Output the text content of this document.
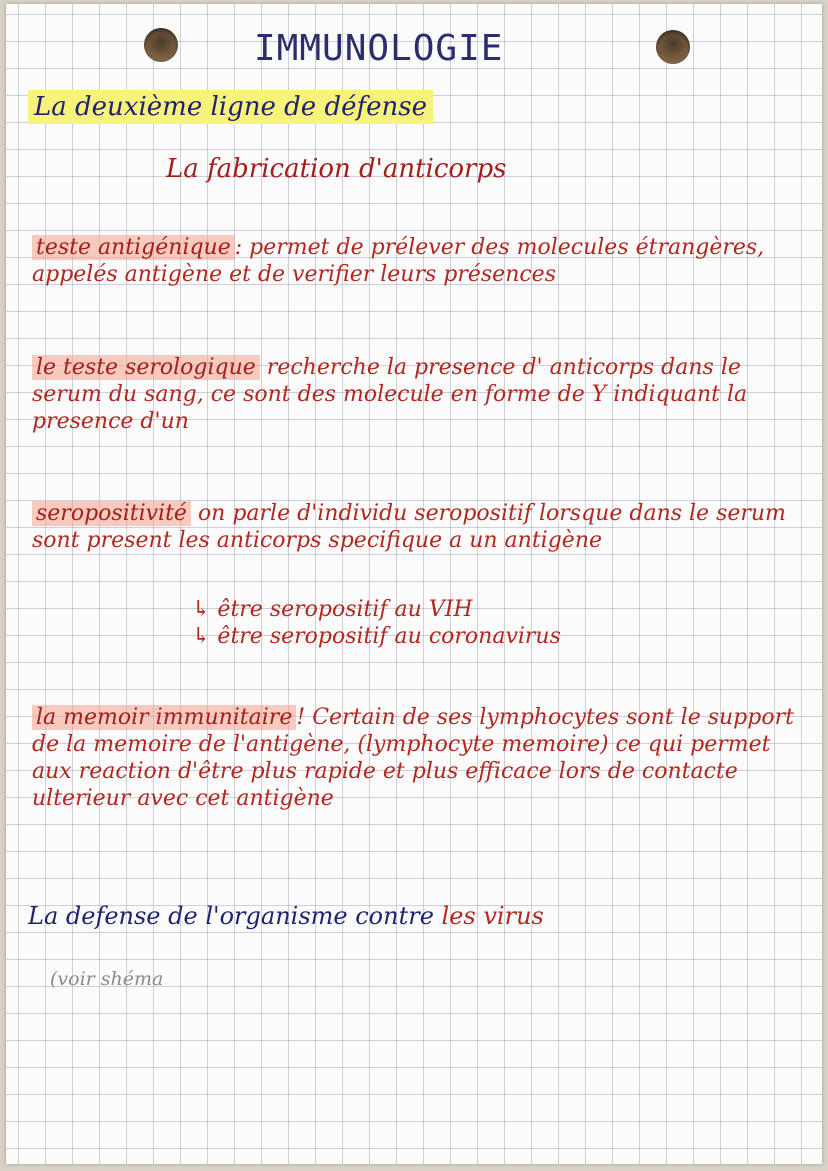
IMMUNOLOGIE
La deuxième ligne de défense
La fabrication d'anticorps

teste antigénique : permet de prélever des molecules étrangères, appelés antigène et de verifier leurs présences

le teste serologique recherche la presence d' anticorps dans le serum du sang, ce sont des molecule en forme de Y indiquant la presence d'un

seropositivité on parle d'individu seropositif lorsque dans le serum sont present les anticorps specifique a un antigène

↳ être seropositif au VIH
↳ être seropositif au coronavirus

la memoir immunitaire ! Certain de ses lymphocytes sont le support de la memoire de l'antigène, (lymphocyte memoire) ce qui permet aux reaction d'être plus rapide et plus efficace lors de contacte ulterieur avec cet antigène

La defense de l'organisme contre les virus
(voir shéma
